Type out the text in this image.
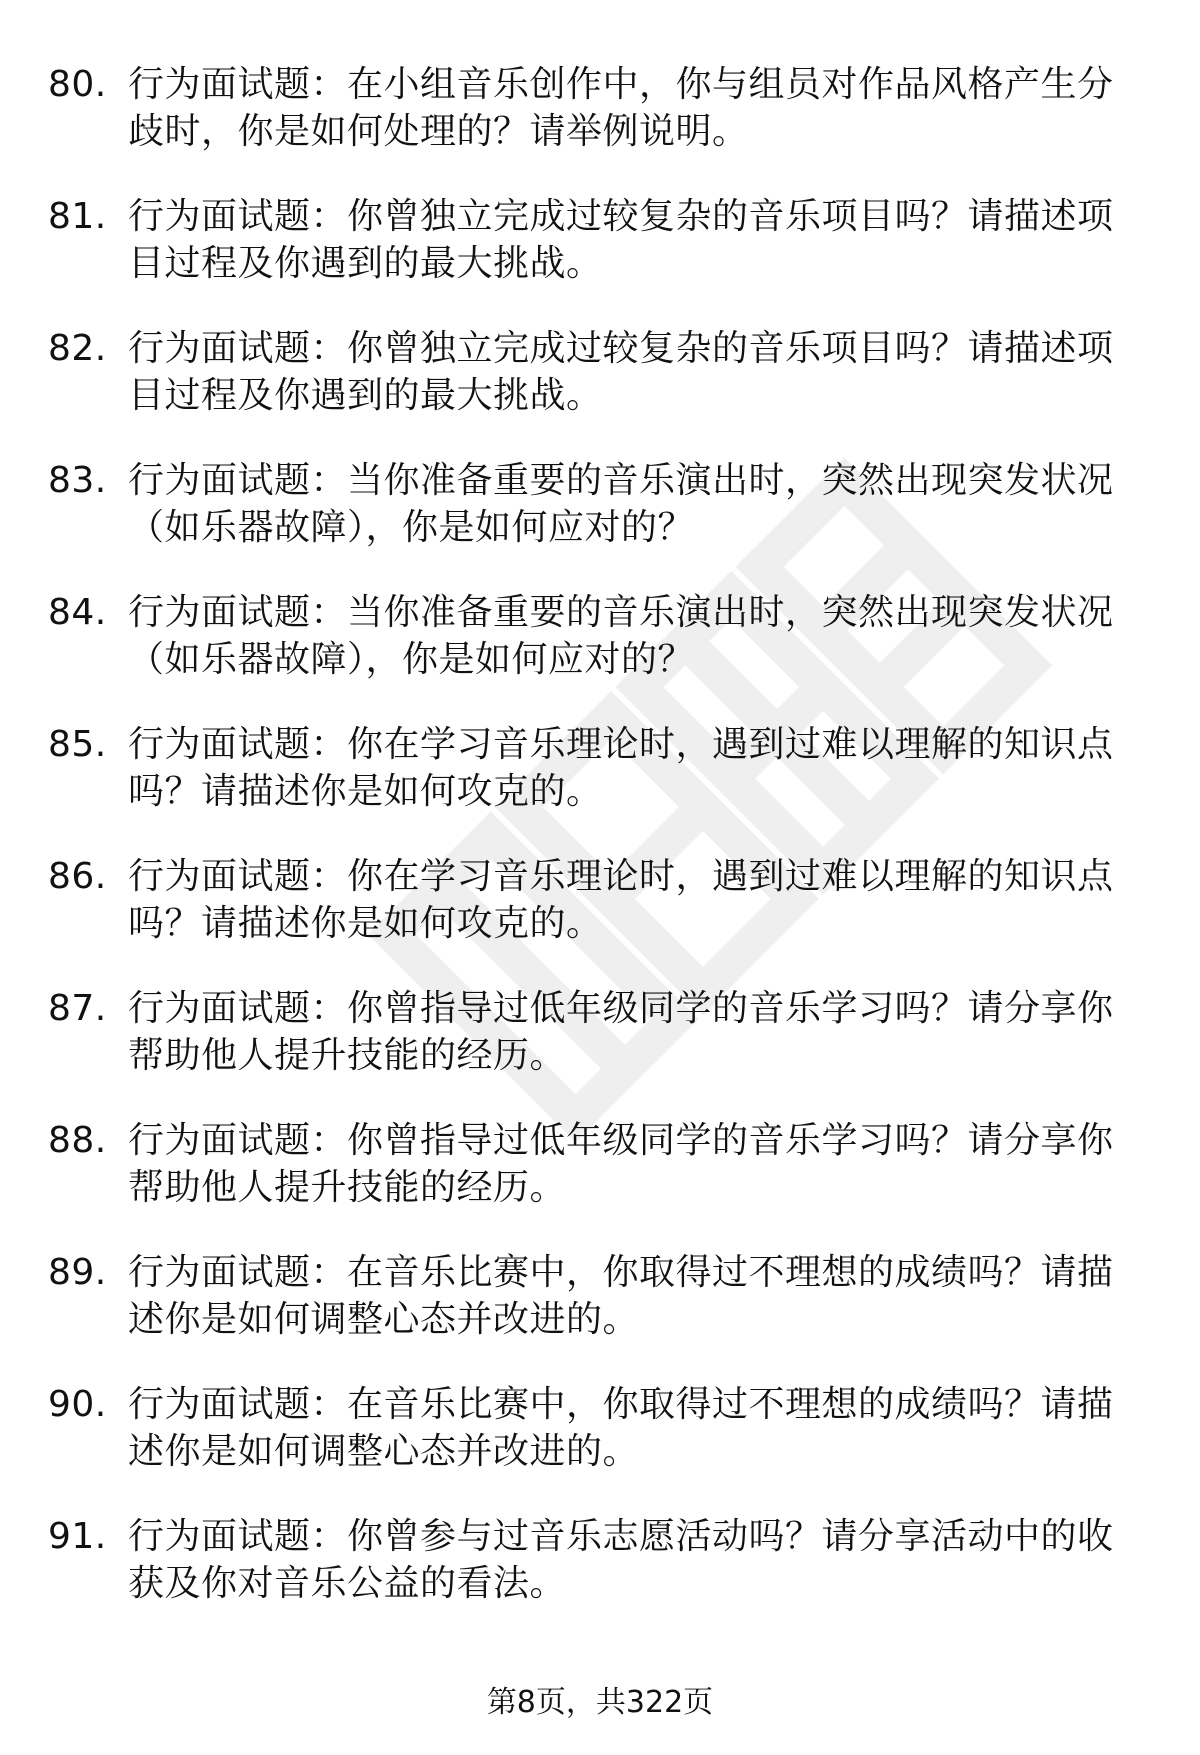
80. 行为面试题：在小组音乐创作中，你与组员对作品风格产生分歧时，你是如何处理的？请举例说明。
81. 行为面试题：你曾独立完成过较复杂的音乐项目吗？请描述项目过程及你遇到的最大挑战。
82. 行为面试题：你曾独立完成过较复杂的音乐项目吗？请描述项目过程及你遇到的最大挑战。
83. 行为面试题：当你准备重要的音乐演出时，突然出现突发状况（如乐器故障），你是如何应对的？
84. 行为面试题：当你准备重要的音乐演出时，突然出现突发状况（如乐器故障），你是如何应对的？
85. 行为面试题：你在学习音乐理论时，遇到过难以理解的知识点吗？请描述你是如何攻克的。
86. 行为面试题：你在学习音乐理论时，遇到过难以理解的知识点吗？请描述你是如何攻克的。
87. 行为面试题：你曾指导过低年级同学的音乐学习吗？请分享你帮助他人提升技能的经历。
88. 行为面试题：你曾指导过低年级同学的音乐学习吗？请分享你帮助他人提升技能的经历。
89. 行为面试题：在音乐比赛中，你取得过不理想的成绩吗？请描述你是如何调整心态并改进的。
90. 行为面试题：在音乐比赛中，你取得过不理想的成绩吗？请描述你是如何调整心态并改进的。
91. 行为面试题：你曾参与过音乐志愿活动吗？请分享活动中的收获及你对音乐公益的看法。
第8页，共322页
